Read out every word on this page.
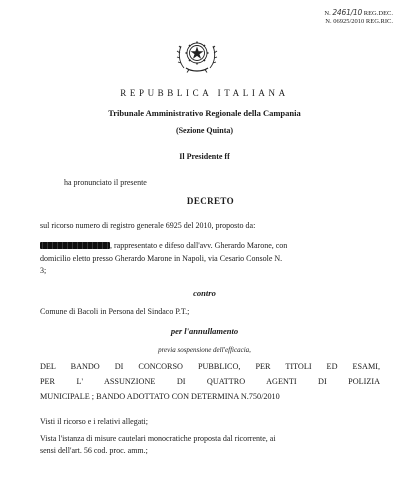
N. 2461/10 REG.DEC.
N. 06925/2010 REG.RIC.
REPUBBLICA ITALIANA
Tribunale Amministrativo Regionale della Campania
(Sezione Quinta)
Il Presidente ff
ha pronunciato il presente
DECRETO
sul ricorso numero di registro generale 6925 del 2010, proposto da:
, rappresentato e difeso dall'avv. Gherardo Marone, con
domicilio eletto presso Gherardo Marone in Napoli, via Cesario Console N.
3;
contro
Comune di Bacoli in Persona del Sindaco P.T.;
per l'annullamento
previa sospensione dell'efficacia,
DEL BANDO DI CONCORSO PUBBLICO, PER TITOLI ED ESAMI,
PER L' ASSUNZIONE DI QUATTRO AGENTI DI POLIZIA
MUNICIPALE ; BANDO ADOTTATO CON DETERMINA N.750/2010
Visti il ricorso e i relativi allegati;
Vista l'istanza di misure cautelari monocratiche proposta dal ricorrente, ai
sensi dell'art. 56 cod. proc. amm.;
